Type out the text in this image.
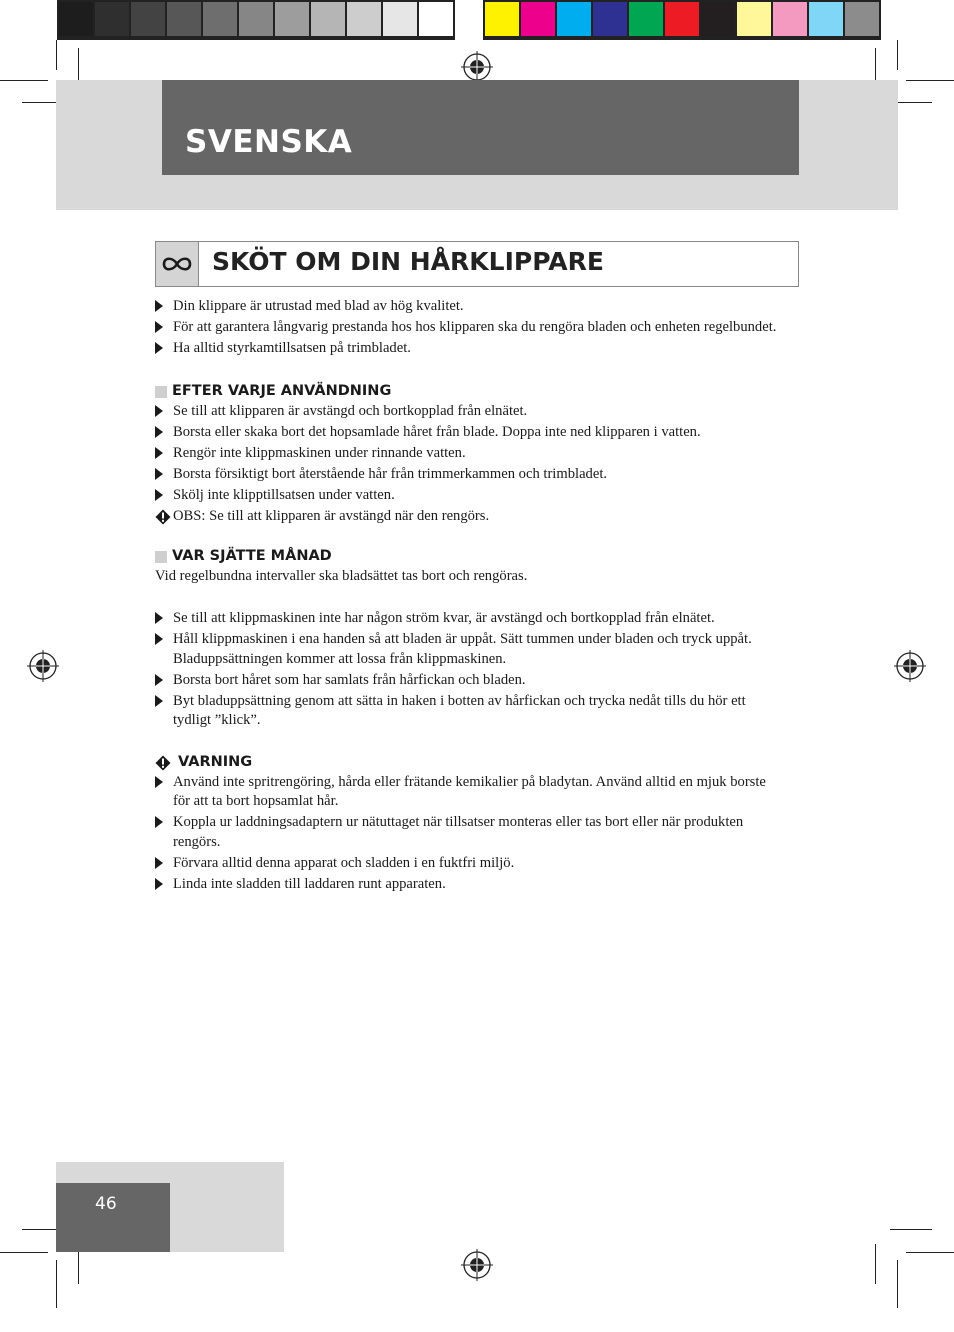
SVENSKA
SKÖT OM DIN HÅRKLIPPARE

Din klippare är utrustad med blad av hög kvalitet.

För att garantera långvarig prestanda hos hos klipparen ska du rengöra bladen och enheten regelbundet.

Ha alltid styrkamtillsatsen på trimbladet.

EFTER VARJE ANVÄNDNING

Se till att klipparen är avstängd och bortkopplad från elnätet.

Borsta eller skaka bort det hopsamlade håret från blade. Doppa inte ned klipparen i vatten.

Rengör inte klippmaskinen under rinnande vatten.

Borsta försiktigt bort återstående hår från trimmerkammen och trimbladet.

Skölj inte klipptillsatsen under vatten.

OBS: Se till att klipparen är avstängd när den rengörs.

VAR SJÄTTE MÅNAD

Vid regelbundna intervaller ska bladsättet tas bort och rengöras.

Se till att klippmaskinen inte har någon ström kvar, är avstängd och bortkopplad från elnätet.

Håll klippmaskinen i ena handen så att bladen är uppåt. Sätt tummen under bladen och tryck uppåt. Bladuppsättningen kommer att lossa från klippmaskinen.

Borsta bort håret som har samlats från hårfickan och bladen.

Byt bladuppsättning genom att sätta in haken i botten av hårfickan och trycka nedåt tills du hör ett tydligt ”klick”.

VARNING

Använd inte spritrengöring, hårda eller frätande kemikalier på bladytan. Använd alltid en mjuk borste för att ta bort hopsamlat hår.

Koppla ur laddningsadaptern ur nätuttaget när tillsatser monteras eller tas bort eller när produkten rengörs.

Förvara alltid denna apparat och sladden i en fuktfri miljö.

Linda inte sladden till laddaren runt apparaten.

46
